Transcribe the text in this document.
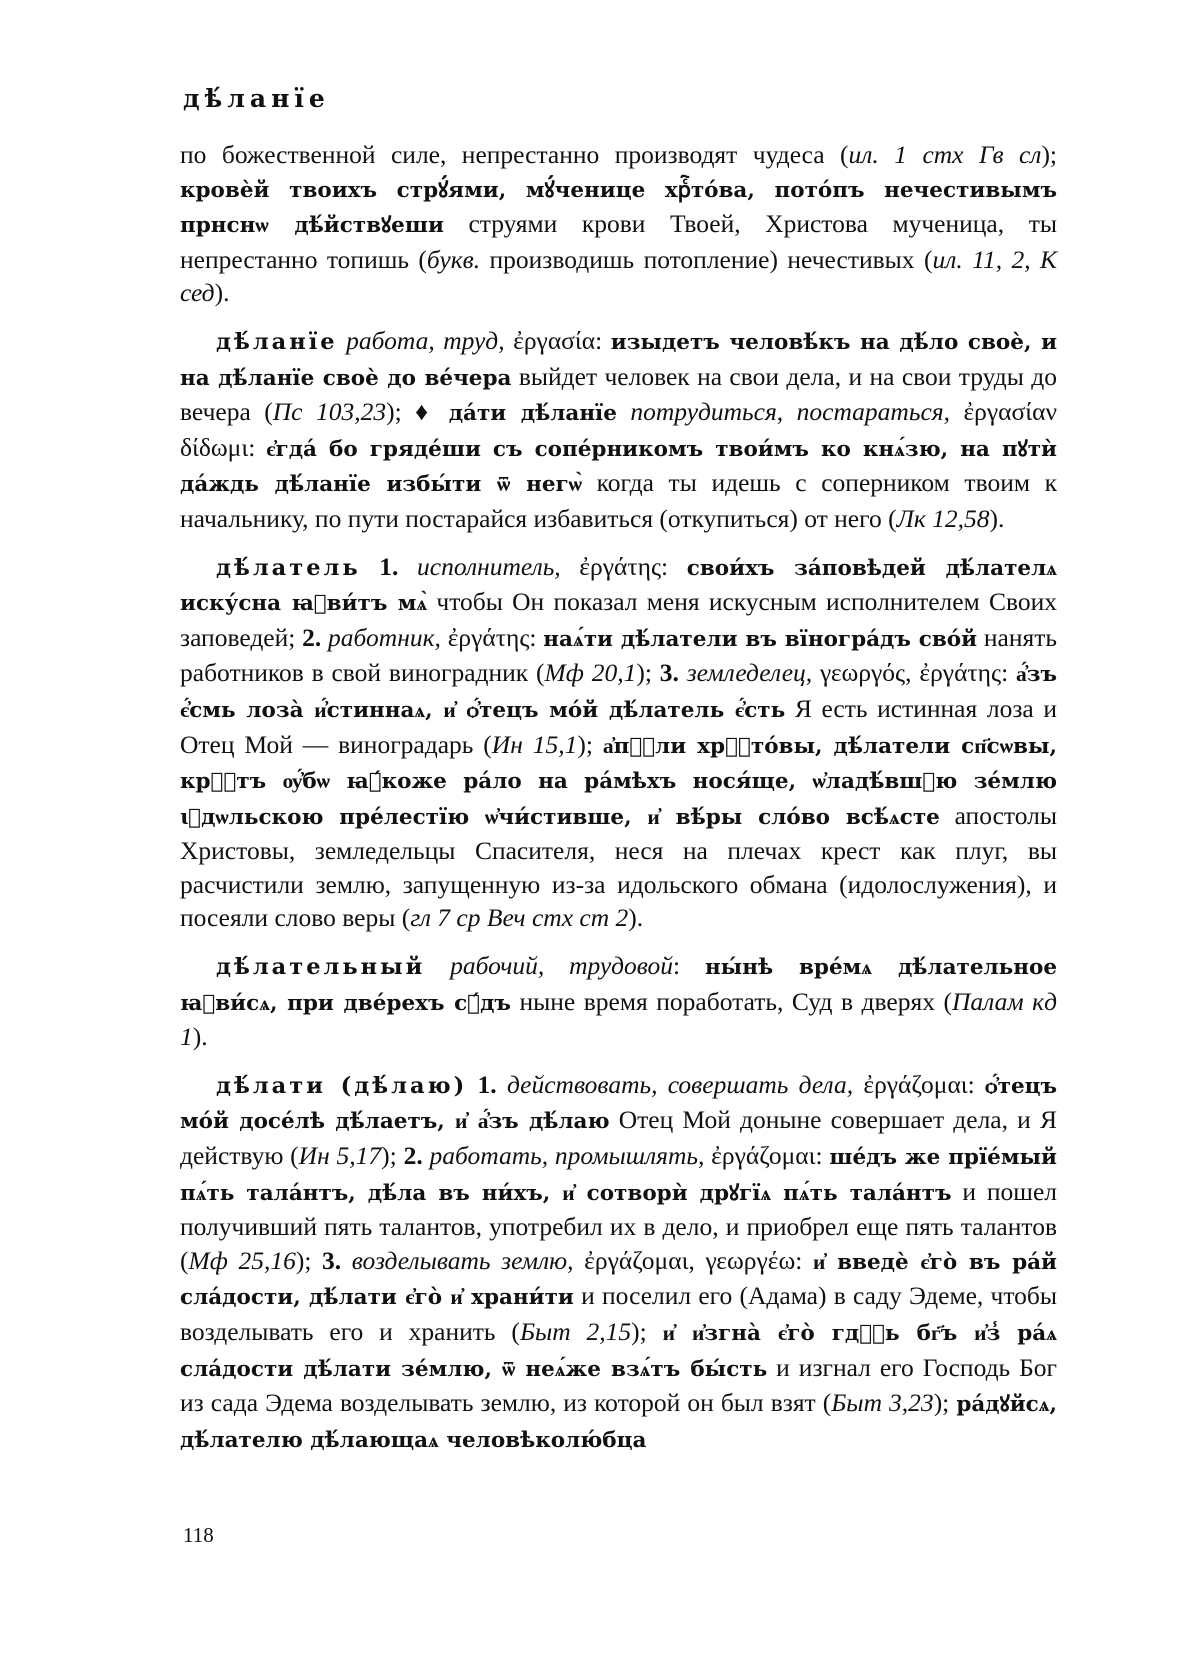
дѣ́ланїе

по божественной силе, непрестанно производят чудеса (ил. 1 стх Гв сл); кровѐй твоихъ стрꙋ́ями, мꙋ́ченице хрⷭ҇то́ва, пото́пъ нечестивымъ прнснѡ дѣ́йствꙋеши струями крови Твоей, Христова мученица, ты непрестанно топишь (букв. производишь потопление) нечестивых (ил. 11, 2, К сед).

дѣ́ланїе работа, труд, ἐργασία: изыдетъ человѣ́къ на дѣ́ло своѐ, и на дѣ́ланїе своѐ до ве́чера выйдет человек на свои дела, и на свои труды до вечера (Пс 103,23); ♦ да́ти дѣ́ланїе потрудиться, постараться, ἐργασίαν δίδωμι: є҆гда́ бо гряде́ши съ сопе́рникомъ твои́мъ ко кнѧ́зю, на пꙋтѝ да́ждь дѣ́ланїе избы́ти ѿ негѡ̀ когда ты идешь с соперником твоим к начальнику, по пути постарайся избавиться (откупиться) от него (Лк 12,58).

дѣ́латель 1. исполнитель, ἐργάτης: свои́хъ за́повѣдей дѣ́лателѧ иску́сна ꙗ҆ви́тъ мѧ̀ чтобы Он показал меня искусным исполнителем Своих заповедей; 2. работник, ἐργάτης: наѧ́ти дѣ́латели въ вїногра́дъ сво́й нанять работников в свой виноградник (Мф 20,1); 3. земледелец, γεωργός, ἐργάτης: а҆́зъ є҆́смь лоза̀ и҆́стиннаѧ, и҆ ѻ҆́тецъ мо́й дѣ́латель є҆́сть Я есть истинная лоза и Отец Мой — виноградарь (Ин 15,1); а҆пⷭ҇ли хрⷭ҇то́вы, дѣ́латели сп҃сѡвы, крⷭ҇тъ ѹ҆́бѡ ꙗ҆́коже ра́ло на ра́мѣхъ нося́ще, ѡ҆ладѣ́вшꙋю зе́млю ꙇ҆дѡльскою пре́лестїю ѡ҆чи́стивше, и҆ вѣ́ры сло́во всѣ́ѧсте апостолы Христовы, земледельцы Спасителя, неся на плечах крест как плуг, вы расчистили землю, запущенную из-за идольского обмана (идолослужения), и посеяли слово веры (гл 7 ср Веч стх ст 2).

дѣ́лательный рабочий, трудовой: ны́нѣ вре́мѧ дѣ́лательное ꙗ҆ви́сѧ, при две́рехъ сꙋ́дъ ныне время поработать, Суд в дверях (Палам кд 1).

дѣ́лати (дѣ́лаю) 1. действовать, совершать дела, ἐργάζομαι: ѻ҆́тецъ мо́й досе́лѣ дѣ́лаетъ, и҆ а҆́зъ дѣ́лаю Отец Мой доныне совершает дела, и Я действую (Ин 5,17); 2. работать, промышлять, ἐργάζομαι: ше́дъ же прїе́мый пѧ́ть тала́нтъ, дѣ́ла въ ни́хъ, и҆ сотворѝ дрꙋгїѧ пѧ́ть тала́нтъ и пошел получивший пять талантов, употребил их в дело, и приобрел еще пять талантов (Мф 25,16); 3. возделывать землю, ἐργάζομαι, γεωργέω: и҆ введѐ є҆го̀ въ ра́й сла́дости, дѣ́лати є҆го̀ и҆ храни́ти и поселил его (Адама) в саду Эдеме, чтобы возделывать его и хранить (Быт 2,15); и҆ и҆згна̀ є҆го̀ гдⷭ҇ь бг҃ъ и҆з̾ ра́ѧ сла́дости дѣ́лати зе́млю, ѿ неѧ́же взѧ́тъ бы́сть и изгнал его Господь Бог из сада Эдема возделывать землю, из которой он был взят (Быт 3,23); ра́дꙋйсѧ, дѣ́лателю дѣ́лающаѧ человѣколю́бца

118
